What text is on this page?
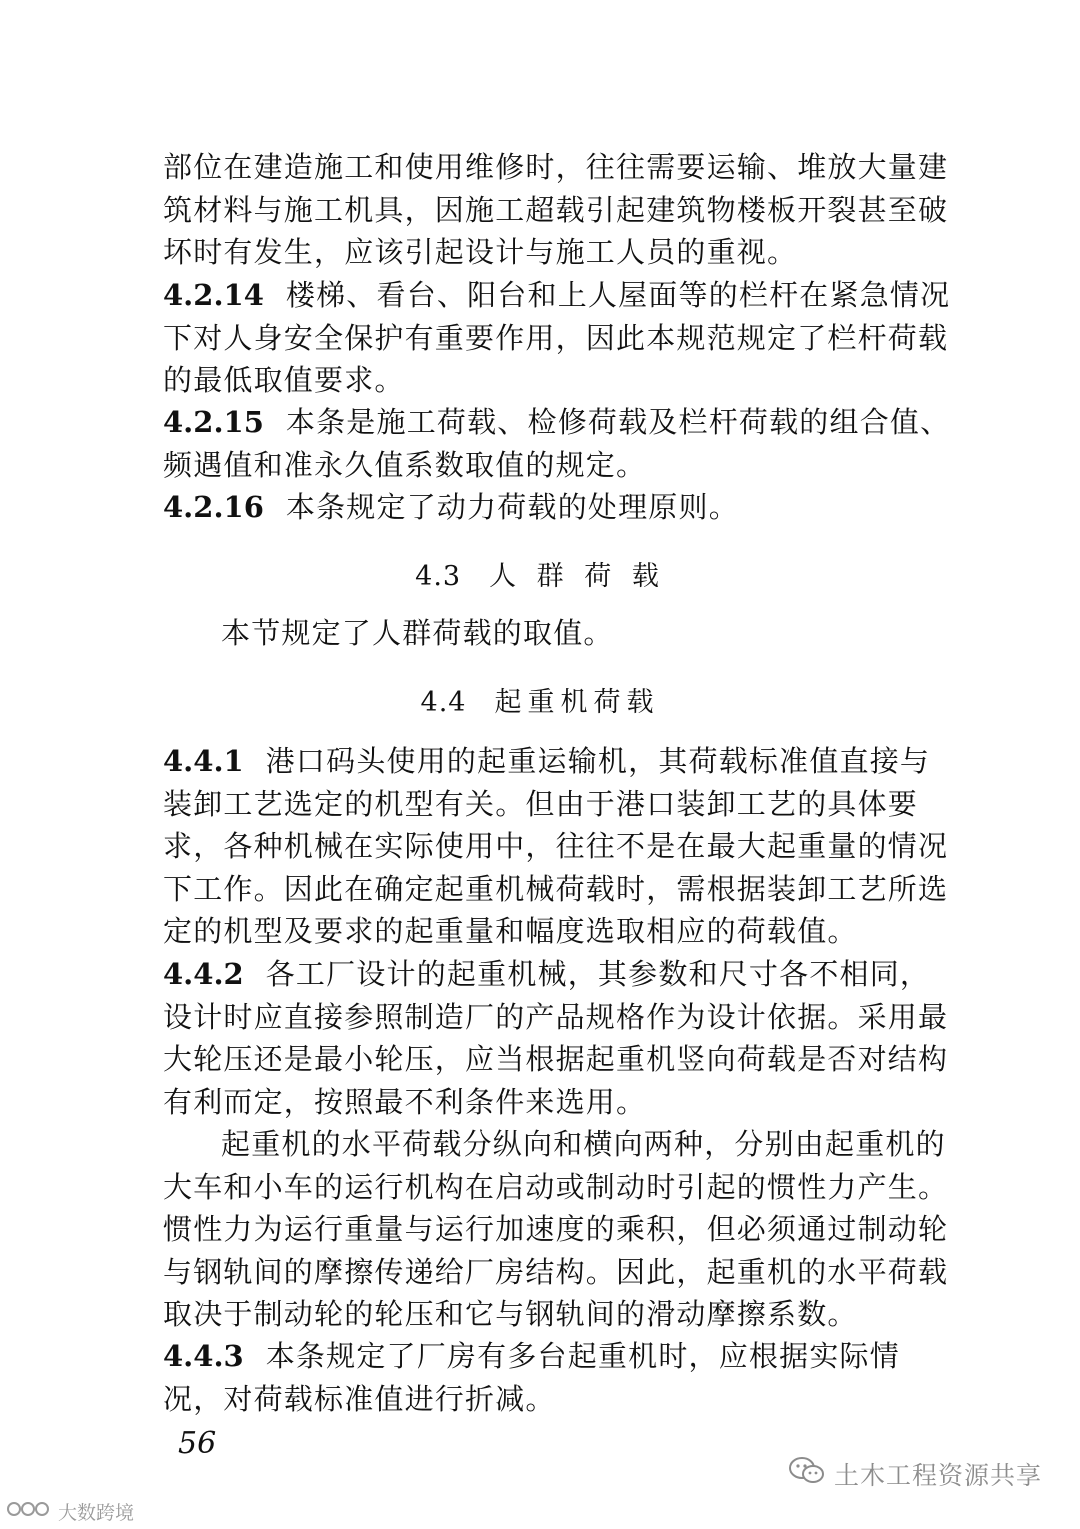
部位在建造施工和使用维修时，往往需要运输、堆放大量建筑材料与施工机具，因施工超载引起建筑物楼板开裂甚至破坏时有发生，应该引起设计与施工人员的重视。

4.2.14 楼梯、看台、阳台和上人屋面等的栏杆在紧急情况下对人身安全保护有重要作用，因此本规范规定了栏杆荷载的最低取值要求。

4.2.15 本条是施工荷载、检修荷载及栏杆荷载的组合值、频遇值和准永久值系数取值的规定。

4.2.16 本条规定了动力荷载的处理原则。

4.3 人 群 荷 载

本节规定了人群荷载的取值。

4.4 起重机荷载

4.4.1 港口码头使用的起重运输机，其荷载标准值直接与装卸工艺选定的机型有关。但由于港口装卸工艺的具体要求，各种机械在实际使用中，往往不是在最大起重量的情况下工作。因此在确定起重机械荷载时，需根据装卸工艺所选定的机型及要求的起重量和幅度选取相应的荷载值。

4.4.2 各工厂设计的起重机械，其参数和尺寸各不相同，设计时应直接参照制造厂的产品规格作为设计依据。采用最大轮压还是最小轮压，应当根据起重机竖向荷载是否对结构有利而定，按照最不利条件来选用。

起重机的水平荷载分纵向和横向两种，分别由起重机的大车和小车的运行机构在启动或制动时引起的惯性力产生。惯性力为运行重量与运行加速度的乘积，但必须通过制动轮与钢轨间的摩擦传递给厂房结构。因此，起重机的水平荷载取决于制动轮的轮压和它与钢轨间的滑动摩擦系数。

4.4.3 本条规定了厂房有多台起重机时，应根据实际情况，对荷载标准值进行折减。

56

大数跨境
土木工程资源共享
